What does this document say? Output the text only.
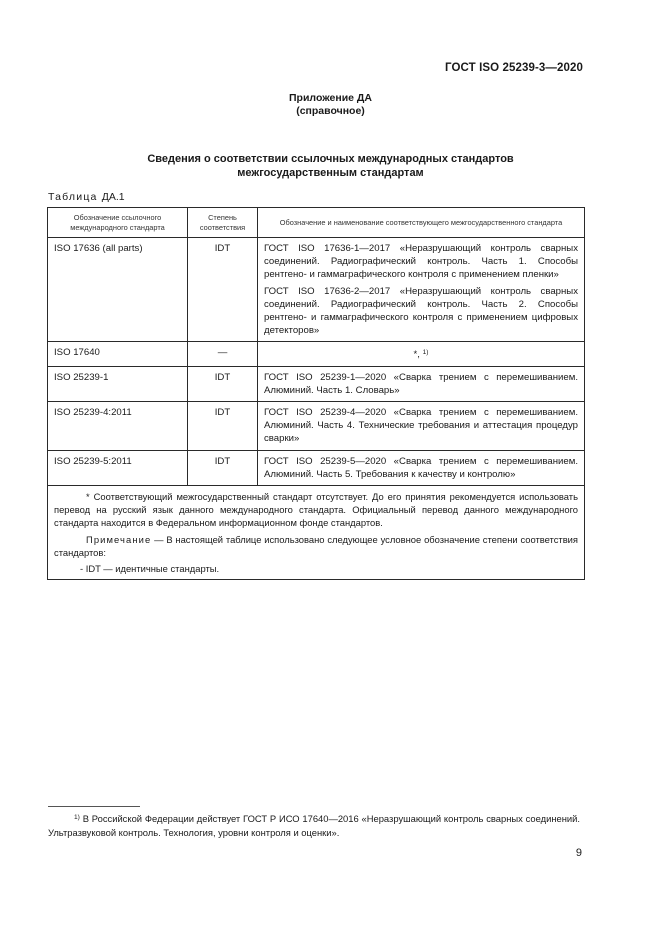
ГОСТ ISO 25239-3—2020
Приложение ДА
(справочное)
Сведения о соответствии ссылочных международных стандартов
межгосударственным стандартам
Таблица ДА.1
Обозначение ссылочного международного стандарта	Степень соответствия	Обозначение и наименование соответствующего межгосударственного стандарта
ISO 17636 (all parts)	IDT	ГОСТ ISO 17636-1—2017 «Неразрушающий контроль сварных соединений. Радиографический контроль. Часть 1. Способы рентгено- и гаммаграфического контроля с применением пленки»

ГОСТ ISO 17636-2—2017 «Неразрушающий контроль сварных соединений. Радиографический контроль. Часть 2. Способы рентгено- и гаммаграфического контроля с применением цифровых детекторов»

ISO 17640	—	*, $^{1)}$
ISO 25239-1	IDT	ГОСТ ISO 25239-1—2020 «Сварка трением с перемешиванием. Алюминий. Часть 1. Словарь»

ISO 25239-4:2011	IDT	ГОСТ ISO 25239-4—2020 «Сварка трением с перемешиванием. Алюминий. Часть 4. Технические требования и аттестация процедур сварки»

ISO 25239-5:2011	IDT	ГОСТ ISO 25239-5—2020 «Сварка трением с перемешиванием. Алюминий. Часть 5. Требования к качеству и контролю»

* Соответствующий межгосударственный стандарт отсутствует. До его принятия рекомендуется использовать перевод на русский язык данного международного стандарта. Официальный перевод данного международного стандарта находится в Федеральном информационном фонде стандартов.

Примечание — В настоящей таблице использовано следующее условное обозначение степени соответствия стандартов:

- IDT — идентичные стандарты.		

$^{1)}$ В Российской Федерации действует ГОСТ Р ИСО 17640—2016 «Неразрушающий контроль сварных соединений. Ультразвуковой контроль. Технология, уровни контроля и оценки».
9
